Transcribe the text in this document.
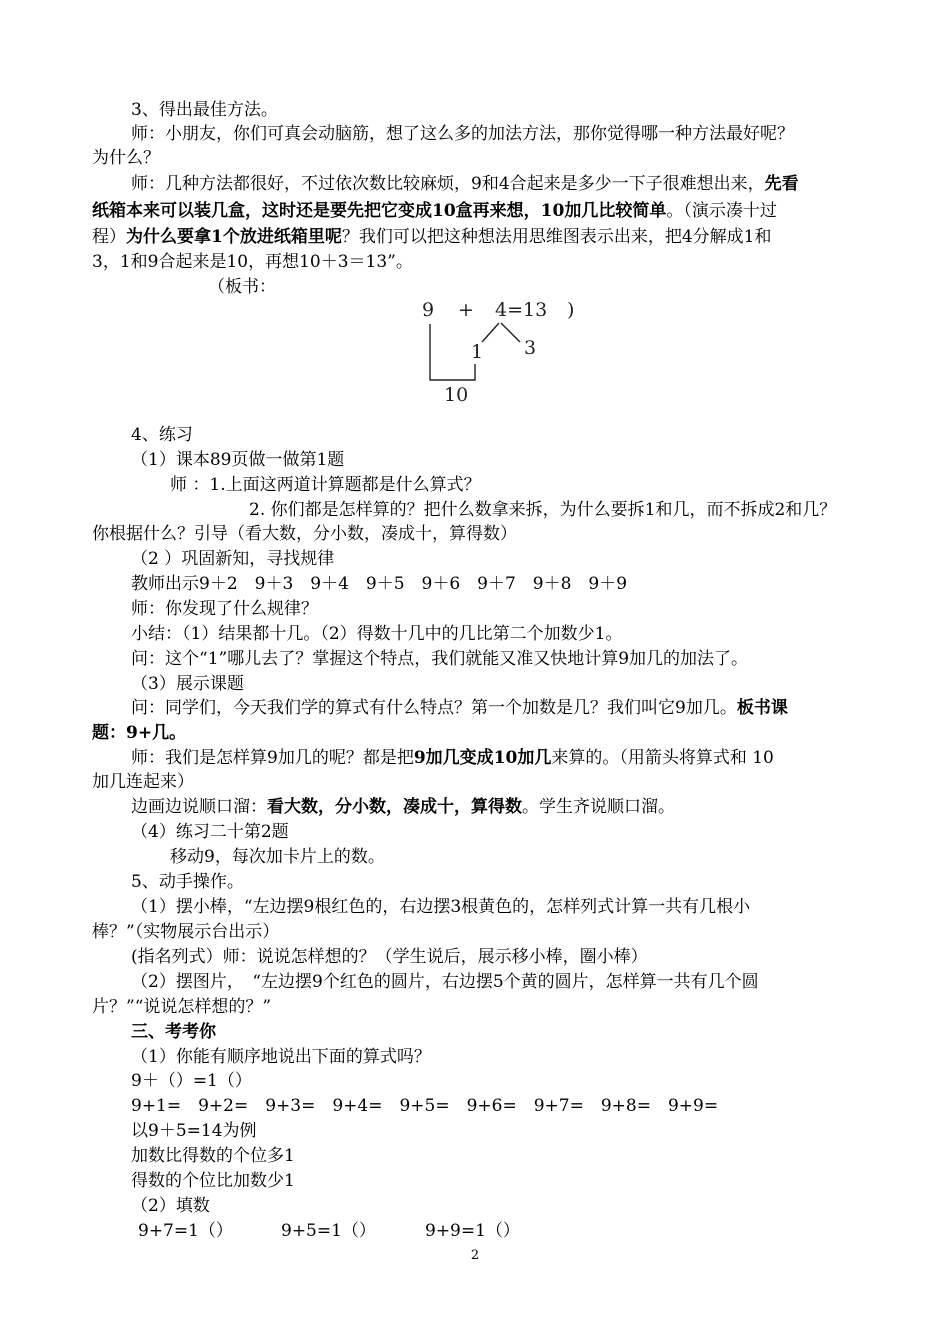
3、得出最佳方法。
师：小朋友，你们可真会动脑筋，想了这么多的加法方法，那你觉得哪一种方法最好呢？
为什么？
师：几种方法都很好，不过依次数比较麻烦，9和4合起来是多少一下子很难想出来，先看
纸箱本来可以装几盒，这时还是要先把它变成10盒再来想，10加几比较简单。（演示凑十过
程）为什么要拿1个放进纸箱里呢？我们可以把这种想法用思维图表示出来，把4分解成1和
3，1和9合起来是10，再想10＋3＝13”。
（板书：
9 + 4=13 )
1 3
10
4、练习
（1）课本89页做一做第1题
师 ：1.上面这两道计算题都是什么算式？
2. 你们都是怎样算的？把什么数拿来拆，为什么要拆1和几，而不拆成2和几？
你根据什么？引导（看大数，分小数，凑成十，算得数）
（2 ）巩固新知，寻找规律
教师出示9＋2　9＋3　9＋4　9＋5　9＋6　9＋7　9＋8　9＋9
师：你发现了什么规律？
小结：（1）结果都十几。（2）得数十几中的几比第二个加数少1。
问：这个“1”哪儿去了？掌握这个特点，我们就能又准又快地计算9加几的加法了。
（3）展示课题
问：同学们，今天我们学的算式有什么特点？第一个加数是几？我们叫它9加几。板书课
题：9+几。
师：我们是怎样算9加几的呢？都是把9加几变成10加几来算的。（用箭头将算式和 10
加几连起来）
边画边说顺口溜：看大数，分小数，凑成十，算得数。学生齐说顺口溜。
（4）练习二十第2题
移动9，每次加卡片上的数。
5、动手操作。
（1）摆小棒，“左边摆9根红色的，右边摆3根黄色的，怎样列式计算一共有几根小
棒？”（实物展示台出示）
(指名列式）师：说说怎样想的？（学生说后，展示移小棒，圈小棒）
（2）摆图片，　“左边摆9个红色的圆片，右边摆5个黄的圆片，怎样算一共有几个圆
片？”“说说怎样想的？”
三、考考你
（1）你能有顺序地说出下面的算式吗？
9＋（）=1（）
9+1=　9+2=　9+3=　9+4=　9+5=　9+6=　9+7=　9+8=　9+9=
以9＋5=14为例
加数比得数的个位多1
得数的个位比加数少1
（2）填数
9+7=1（）	9+5=1（）	9+9=1（）
2
